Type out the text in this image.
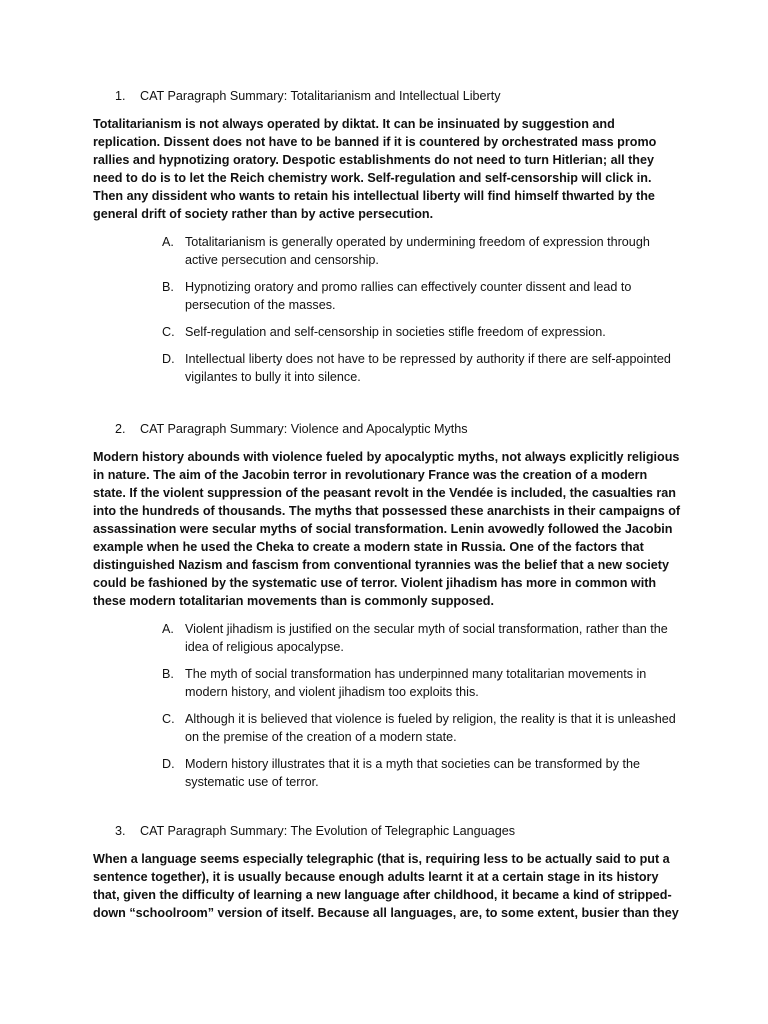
1. CAT Paragraph Summary: Totalitarianism and Intellectual Liberty

Totalitarianism is not always operated by diktat. It can be insinuated by suggestion and replication. Dissent does not have to be banned if it is countered by orchestrated mass promo rallies and hypnotizing oratory. Despotic establishments do not need to turn Hitlerian; all they need to do is to let the Reich chemistry work. Self-regulation and self-censorship will click in. Then any dissident who wants to retain his intellectual liberty will find himself thwarted by the general drift of society rather than by active persecution.

A. Totalitarianism is generally operated by undermining freedom of expression through active persecution and censorship.
B. Hypnotizing oratory and promo rallies can effectively counter dissent and lead to persecution of the masses.
C. Self-regulation and self-censorship in societies stifle freedom of expression.
D. Intellectual liberty does not have to be repressed by authority if there are self-appointed vigilantes to bully it into silence.

2. CAT Paragraph Summary: Violence and Apocalyptic Myths

Modern history abounds with violence fueled by apocalyptic myths, not always explicitly religious in nature. The aim of the Jacobin terror in revolutionary France was the creation of a modern state. If the violent suppression of the peasant revolt in the Vendée is included, the casualties ran into the hundreds of thousands. The myths that possessed these anarchists in their campaigns of assassination were secular myths of social transformation. Lenin avowedly followed the Jacobin example when he used the Cheka to create a modern state in Russia. One of the factors that distinguished Nazism and fascism from conventional tyrannies was the belief that a new society could be fashioned by the systematic use of terror. Violent jihadism has more in common with these modern totalitarian movements than is commonly supposed.

A. Violent jihadism is justified on the secular myth of social transformation, rather than the idea of religious apocalypse.
B. The myth of social transformation has underpinned many totalitarian movements in modern history, and violent jihadism too exploits this.
C. Although it is believed that violence is fueled by religion, the reality is that it is unleashed on the premise of the creation of a modern state.
D. Modern history illustrates that it is a myth that societies can be transformed by the systematic use of terror.

3. CAT Paragraph Summary: The Evolution of Telegraphic Languages

When a language seems especially telegraphic (that is, requiring less to be actually said to put a sentence together), it is usually because enough adults learnt it at a certain stage in its history that, given the difficulty of learning a new language after childhood, it became a kind of stripped-down “schoolroom” version of itself. Because all languages, are, to some extent, busier than they
